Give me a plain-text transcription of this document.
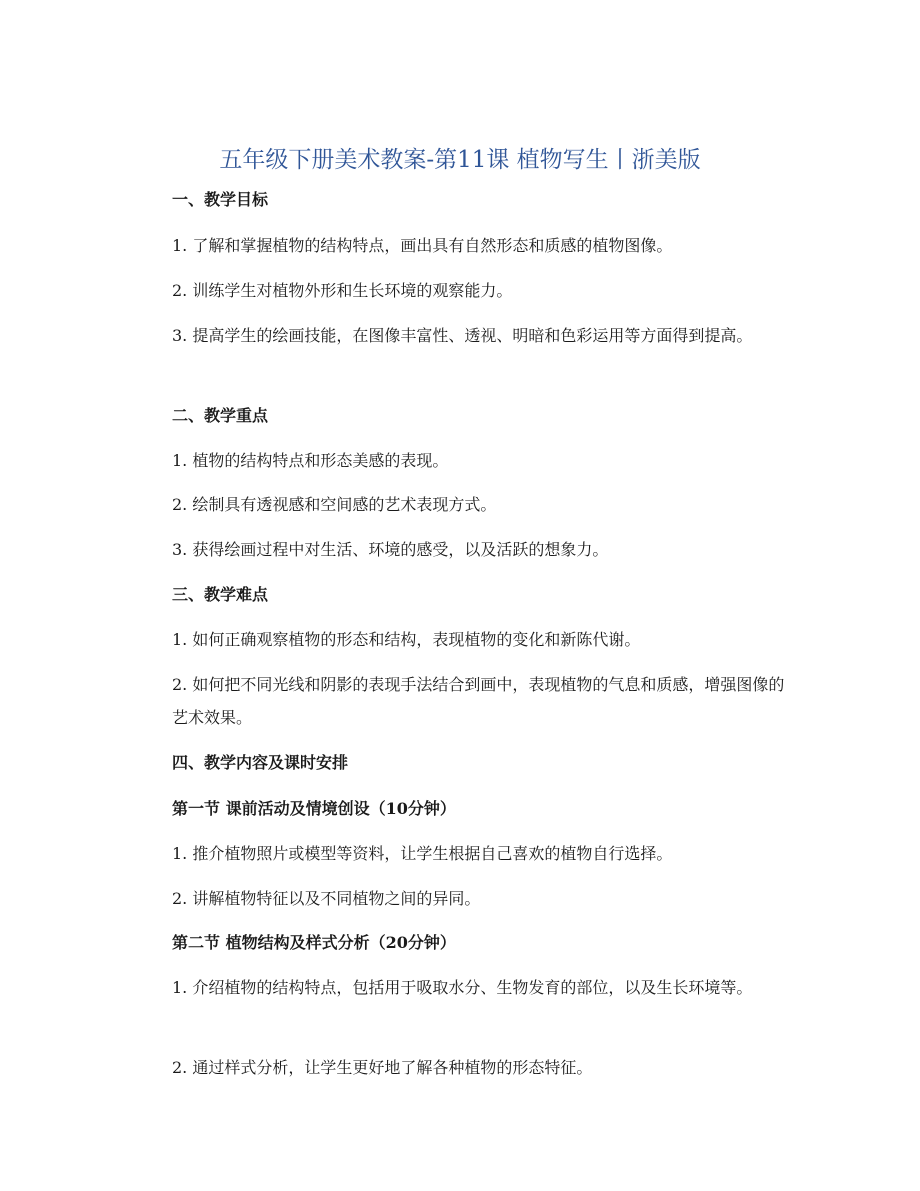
五年级下册美术教案-第11课 植物写生丨浙美版
一、教学目标

1. 了解和掌握植物的结构特点，画出具有自然形态和质感的植物图像。

2. 训练学生对植物外形和生长环境的观察能力。

3. 提高学生的绘画技能，在图像丰富性、透视、明暗和色彩运用等方面得到提高。

二、教学重点

1. 植物的结构特点和形态美感的表现。

2. 绘制具有透视感和空间感的艺术表现方式。

3. 获得绘画过程中对生活、环境的感受，以及活跃的想象力。

三、教学难点

1. 如何正确观察植物的形态和结构，表现植物的变化和新陈代谢。

2. 如何把不同光线和阴影的表现手法结合到画中，表现植物的气息和质感，增强图像的艺术效果。

四、教学内容及课时安排
第一节 课前活动及情境创设（10分钟）

1. 推介植物照片或模型等资料，让学生根据自己喜欢的植物自行选择。

2. 讲解植物特征以及不同植物之间的异同。

第二节 植物结构及样式分析（20分钟）

1. 介绍植物的结构特点，包括用于吸取水分、生物发育的部位，以及生长环境等。

2. 通过样式分析，让学生更好地了解各种植物的形态特征。
